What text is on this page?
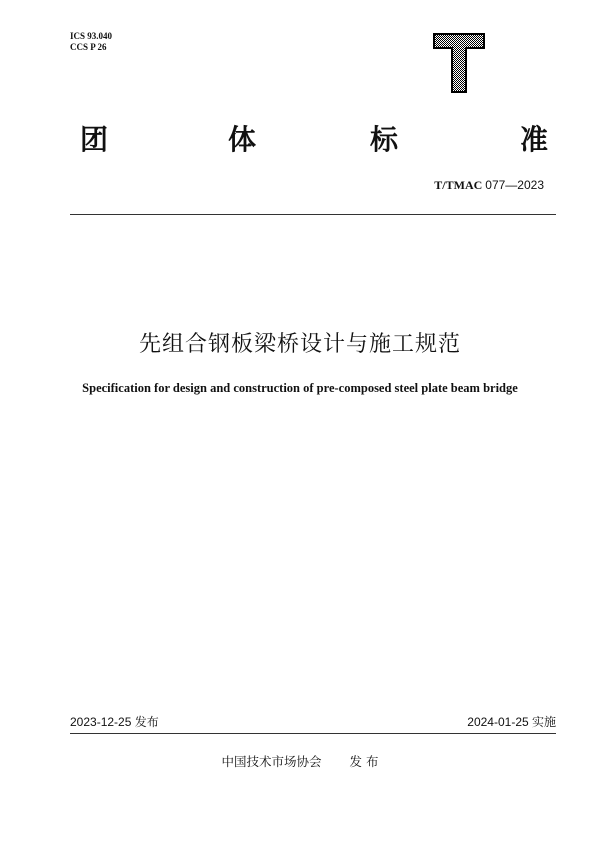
ICS 93.040
CCS P 26
团	体	标	准
T/TMAC 077—2023
先组合钢板梁桥设计与施工规范
Specification for design and construction of pre-composed steel plate beam bridge
2023-12-25 发布	2024-01-25 实施
中国技术市场协会 发 布
